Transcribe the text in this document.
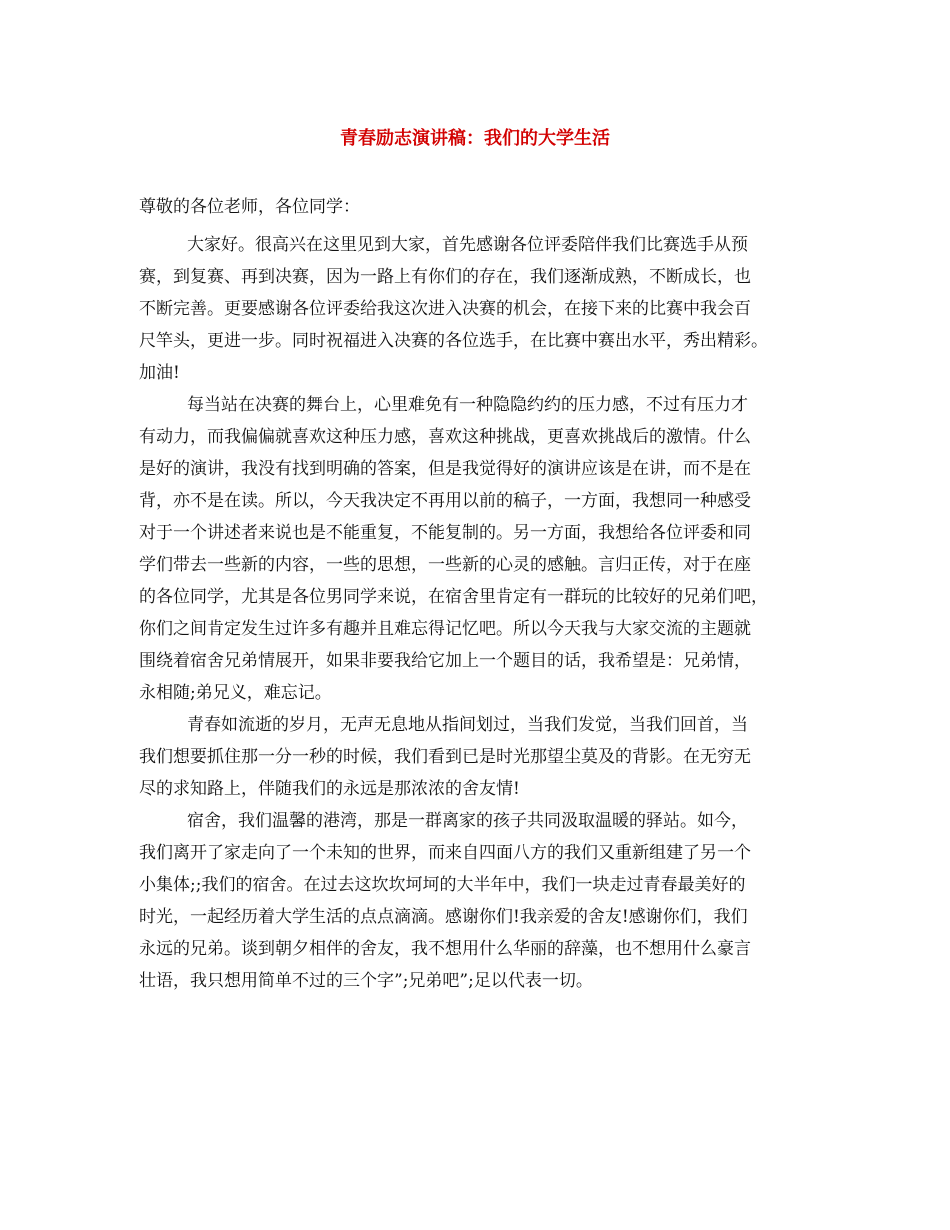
青春励志演讲稿：我们的大学生活
尊敬的各位老师，各位同学：
大家好。很高兴在这里见到大家，首先感谢各位评委陪伴我们比赛选手从预
赛，到复赛、再到决赛，因为一路上有你们的存在，我们逐渐成熟，不断成长，也
不断完善。更要感谢各位评委给我这次进入决赛的机会，在接下来的比赛中我会百
尺竿头，更进一步。同时祝福进入决赛的各位选手，在比赛中赛出水平，秀出精彩。
加油!
每当站在决赛的舞台上，心里难免有一种隐隐约约的压力感，不过有压力才
有动力，而我偏偏就喜欢这种压力感，喜欢这种挑战，更喜欢挑战后的激情。什么
是好的演讲，我没有找到明确的答案，但是我觉得好的演讲应该是在讲，而不是在
背，亦不是在读。所以，今天我决定不再用以前的稿子，一方面，我想同一种感受
对于一个讲述者来说也是不能重复，不能复制的。另一方面，我想给各位评委和同
学们带去一些新的内容，一些的思想，一些新的心灵的感触。言归正传，对于在座
的各位同学，尤其是各位男同学来说，在宿舍里肯定有一群玩的比较好的兄弟们吧，
你们之间肯定发生过许多有趣并且难忘得记忆吧。所以今天我与大家交流的主题就
围绕着宿舍兄弟情展开，如果非要我给它加上一个题目的话，我希望是：兄弟情，
永相随;弟兄义，难忘记。
青春如流逝的岁月，无声无息地从指间划过，当我们发觉，当我们回首，当
我们想要抓住那一分一秒的时候，我们看到已是时光那望尘莫及的背影。在无穷无
尽的求知路上，伴随我们的永远是那浓浓的舍友情!
宿舍，我们温馨的港湾，那是一群离家的孩子共同汲取温暖的驿站。如今，
我们离开了家走向了一个未知的世界，而来自四面八方的我们又重新组建了另一个
小集体;;我们的宿舍。在过去这坎坎坷坷的大半年中，我们一块走过青春最美好的
时光，一起经历着大学生活的点点滴滴。感谢你们!我亲爱的舍友!感谢你们，我们
永远的兄弟。谈到朝夕相伴的舍友，我不想用什么华丽的辞藻，也不想用什么豪言
壮语，我只想用简单不过的三个字”;兄弟吧”;足以代表一切。
